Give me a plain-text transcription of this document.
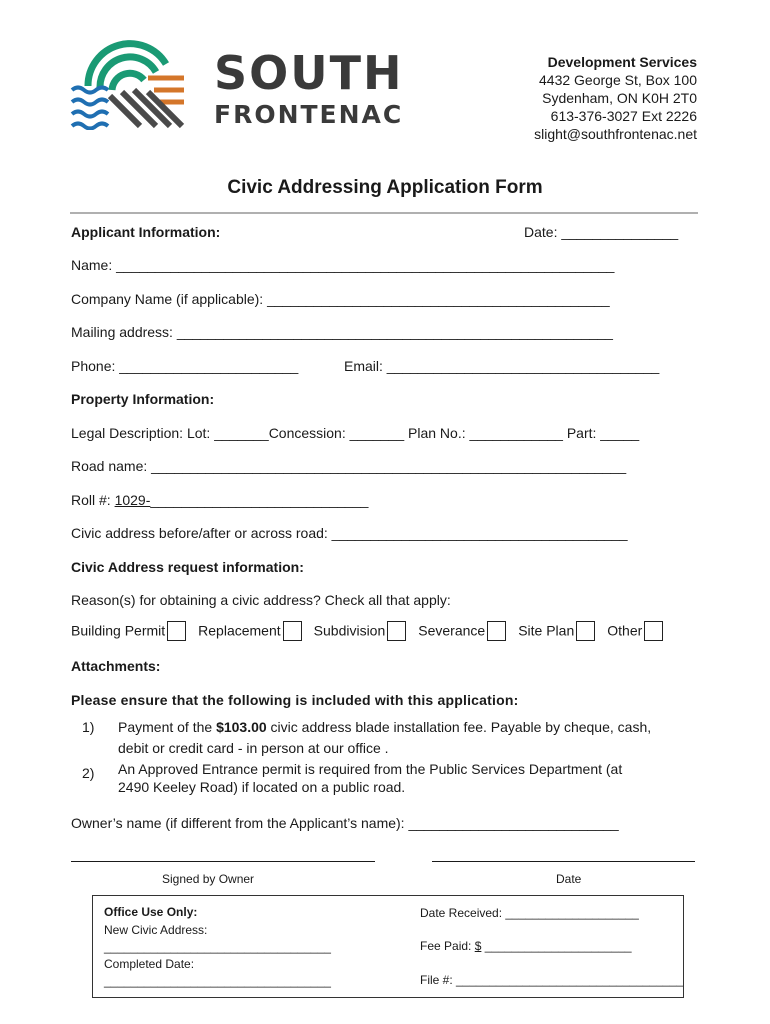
SOUTH
FRONTENAC
Development Services
4432 George St, Box 100
Sydenham, ON K0H 2T0
613-376-3027 Ext 2226
slight@southfrontenac.net
Civic Addressing Application Form
Applicant Information:	Date: _______________
Name: ________________________________________________________________
Company Name (if applicable): ____________________________________________
Mailing address: ________________________________________________________
Phone: _______________________	Email: ___________________________________
Property Information:
Legal Description: Lot: _______Concession: _______ Plan No.: ____________ Part: _____
Road name: _____________________________________________________________
Roll #: 1029-____________________________
Civic address before/after or across road: ______________________________________
Civic Address request information:
Reason(s) for obtaining a civic address? Check all that apply:
Building Permit Replacement Subdivision Severance Site Plan Other
Attachments:
Please ensure that the following is included with this application:
1) Payment of the $103.00 civic address blade installation fee. Payable by cheque, cash,
debit or credit card - in person at our office .
2) An Approved Entrance permit is required from the Public Services Department (at
2490 Keeley Road) if located on a public road.
Owner’s name (if different from the Applicant’s name): ___________________________
Signed by Owner	Date
Office Use Only:
New Civic Address:
__________________________________
Completed Date:
__________________________________
Date Received: ____________________
Fee Paid: $ ______________________
File #: __________________________________
